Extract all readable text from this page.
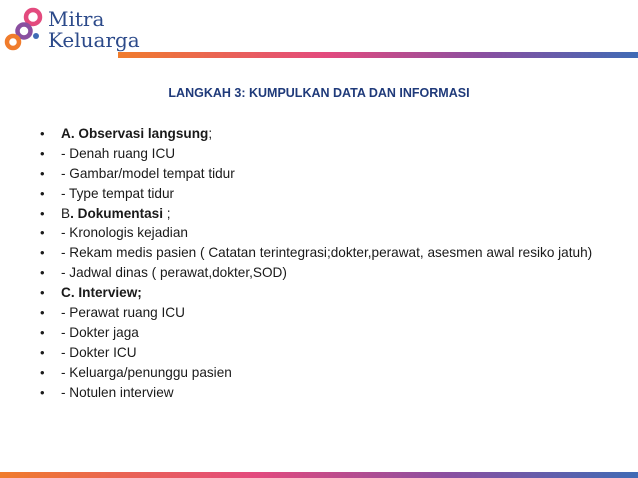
Mitra
Keluarga
LANGKAH 3: KUMPULKAN DATA DAN INFORMASI
• A. Observasi langsung;
• - Denah ruang ICU
• - Gambar/model tempat tidur
• - Type tempat tidur
• B. Dokumentasi ;
• - Kronologis kejadian
• - Rekam medis pasien ( Catatan terintegrasi;dokter,perawat, asesmen awal resiko jatuh)
• - Jadwal dinas ( perawat,dokter,SOD)
• C. Interview;
• - Perawat ruang ICU
• - Dokter jaga
• - Dokter ICU
• - Keluarga/penunggu pasien
• - Notulen interview
